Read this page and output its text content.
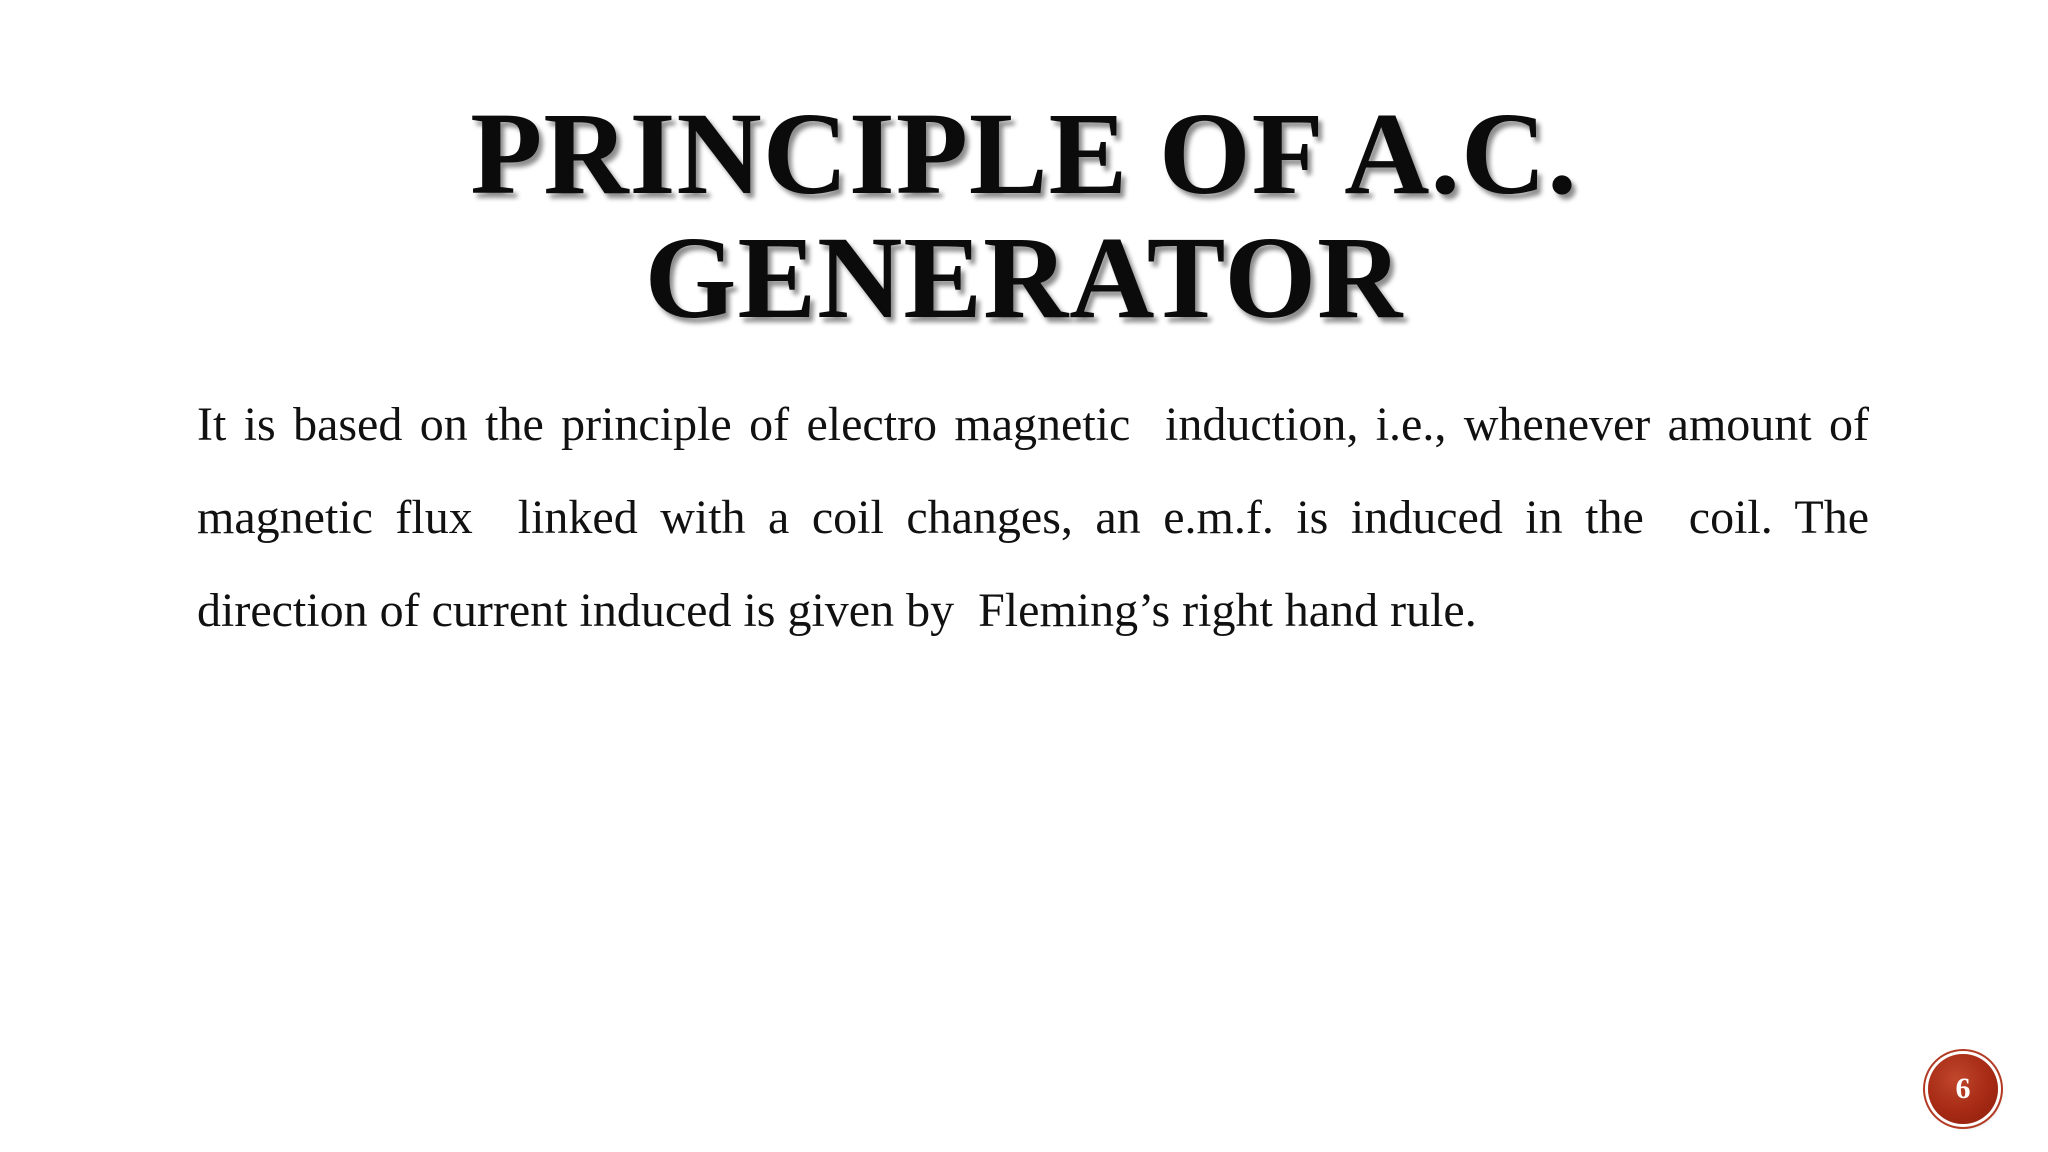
PRINCIPLE OF A.C. GENERATOR

It is based on the principle of electro magnetic  induction, i.e., whenever amount of magnetic flux  linked with a coil changes, an e.m.f. is induced in the  coil. The direction of current induced is given by  Fleming’s right hand rule.

6
